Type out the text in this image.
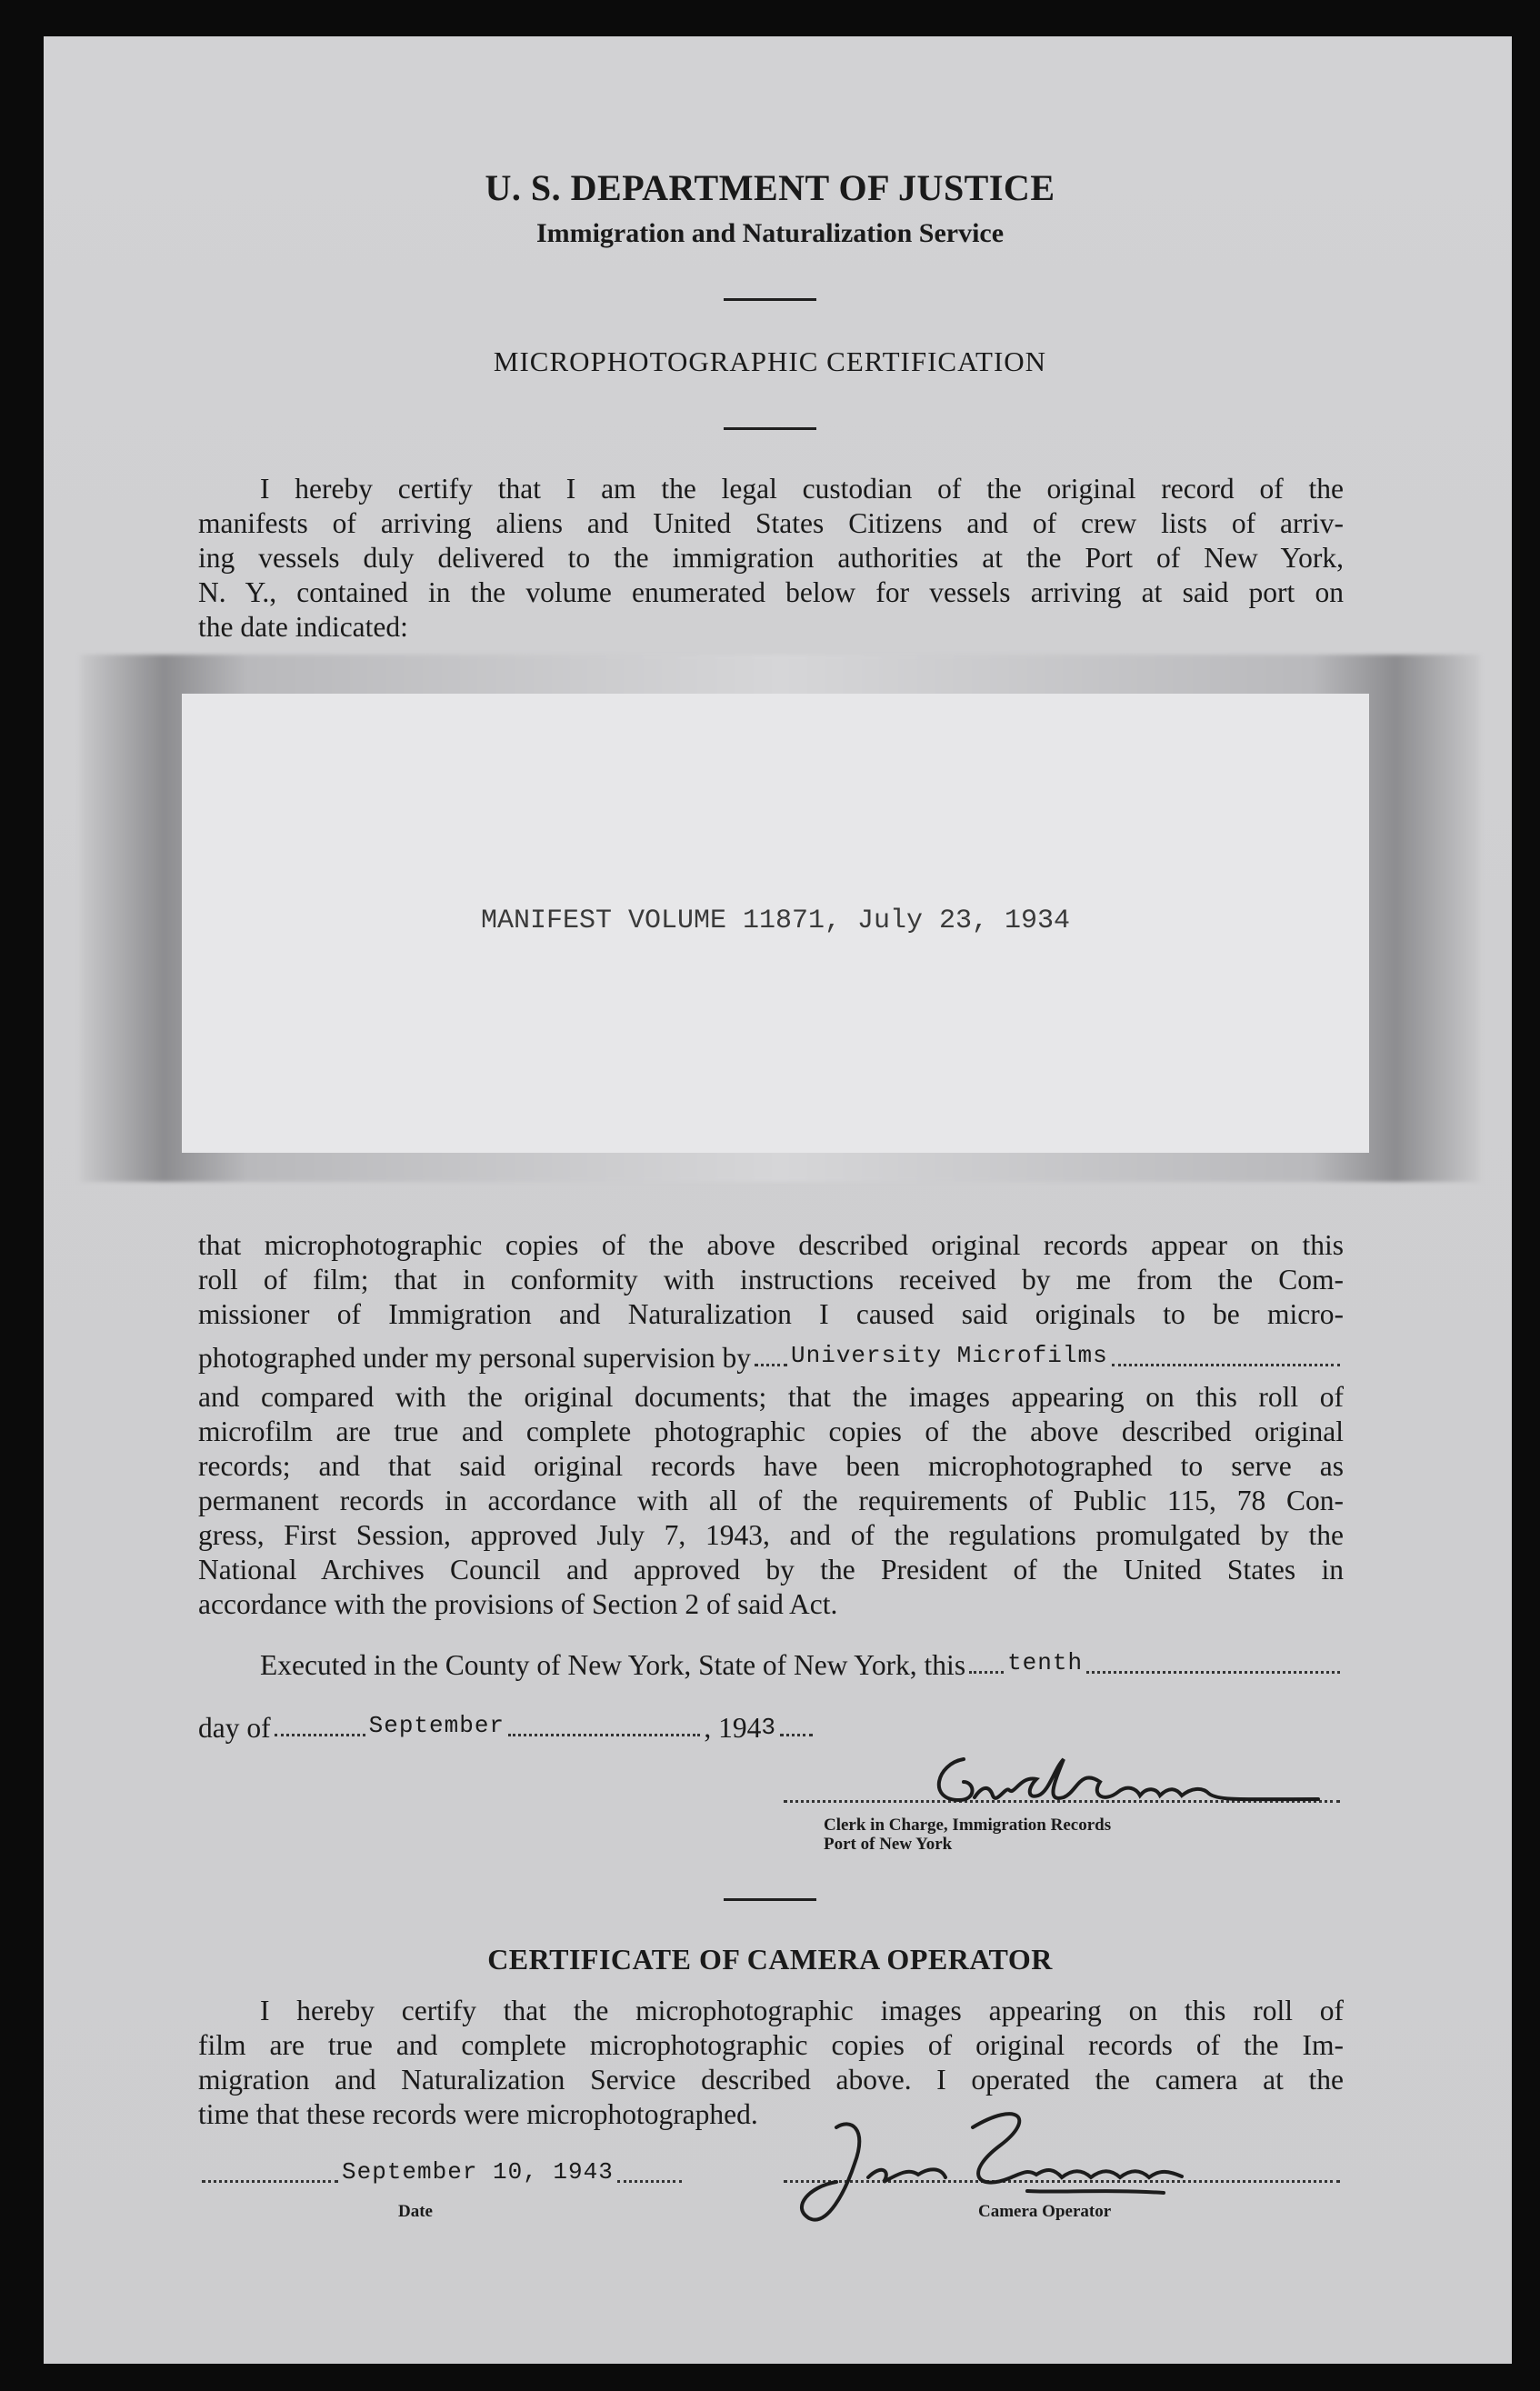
U. S. DEPARTMENT OF JUSTICE
Immigration and Naturalization Service
MICROPHOTOGRAPHIC CERTIFICATION
I hereby certify that I am the legal custodian of the original record of the
manifests of arriving aliens and United States Citizens and of crew lists of arriv-
ing vessels duly delivered to the immigration authorities at the Port of New York,
N. Y., contained in the volume enumerated below for vessels arriving at said port on
the date indicated:
MANIFEST VOLUME 11871, July 23, 1934
that microphotographic copies of the above described original records appear on this
roll of film; that in conformity with instructions received by me from the Com-
missioner of Immigration and Naturalization I caused said originals to be micro-
photographed under my personal supervision by University Microfilms
and compared with the original documents; that the images appearing on this roll of
microfilm are true and complete photographic copies of the above described original
records; and that said original records have been microphotographed to serve as
permanent records in accordance with all of the requirements of Public 115, 78 Con-
gress, First Session, approved July 7, 1943, and of the regulations promulgated by the
National Archives Council and approved by the President of the United States in
accordance with the provisions of Section 2 of said Act.
Executed in the County of New York, State of New York, this tenth
day of	September	, 194 3
Clerk in Charge, Immigration Records
Port of New York
CERTIFICATE OF CAMERA OPERATOR
I hereby certify that the microphotographic images appearing on this roll of
film are true and complete microphotographic copies of original records of the Im-
migration and Naturalization Service described above. I operated the camera at the
time that these records were microphotographed.
September 10, 1943
Date	Camera Operator
